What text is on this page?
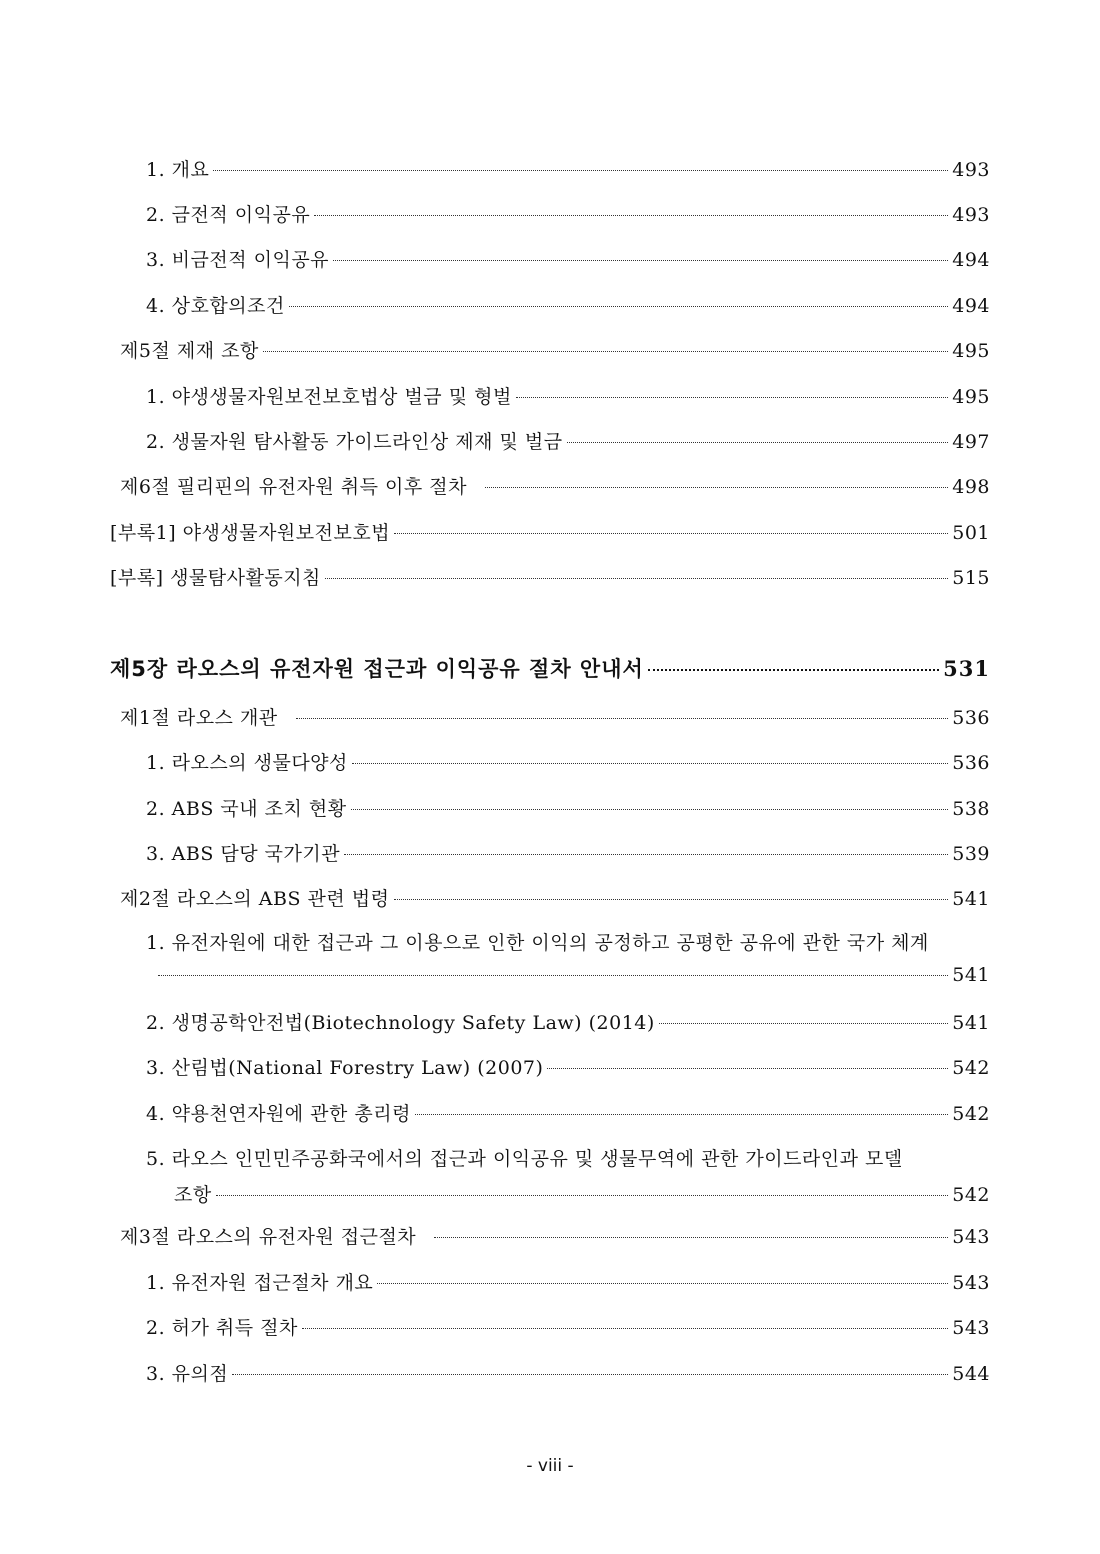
1. 개요	493
2. 금전적 이익공유	493
3. 비금전적 이익공유	494
4. 상호합의조건	494
제5절 제재 조항	495
1. 야생생물자원보전보호법상 벌금 및 형벌	495
2. 생물자원 탐사활동 가이드라인상 제재 및 벌금	497
제6절 필리핀의 유전자원 취득 이후 절차	498
[부록1] 야생생물자원보전보호법	501
[부록] 생물탐사활동지침	515
제5장 라오스의 유전자원 접근과 이익공유 절차 안내서	531
제1절 라오스 개관	536
1. 라오스의 생물다양성	536
2. ABS 국내 조치 현황	538
3. ABS 담당 국가기관	539
제2절 라오스의 ABS 관련 법령	541
1. 유전자원에 대한 접근과 그 이용으로 인한 이익의 공정하고 공평한 공유에 관한 국가 체계
541
2. 생명공학안전법(Biotechnology Safety Law) (2014)	541
3. 산림법(National Forestry Law) (2007)	542
4. 약용천연자원에 관한 총리령	542
5. 라오스 인민민주공화국에서의 접근과 이익공유 및 생물무역에 관한 가이드라인과 모델
조항	542
제3절 라오스의 유전자원 접근절차	543
1. 유전자원 접근절차 개요	543
2. 허가 취득 절차	543
3. 유의점	544
- viii -
